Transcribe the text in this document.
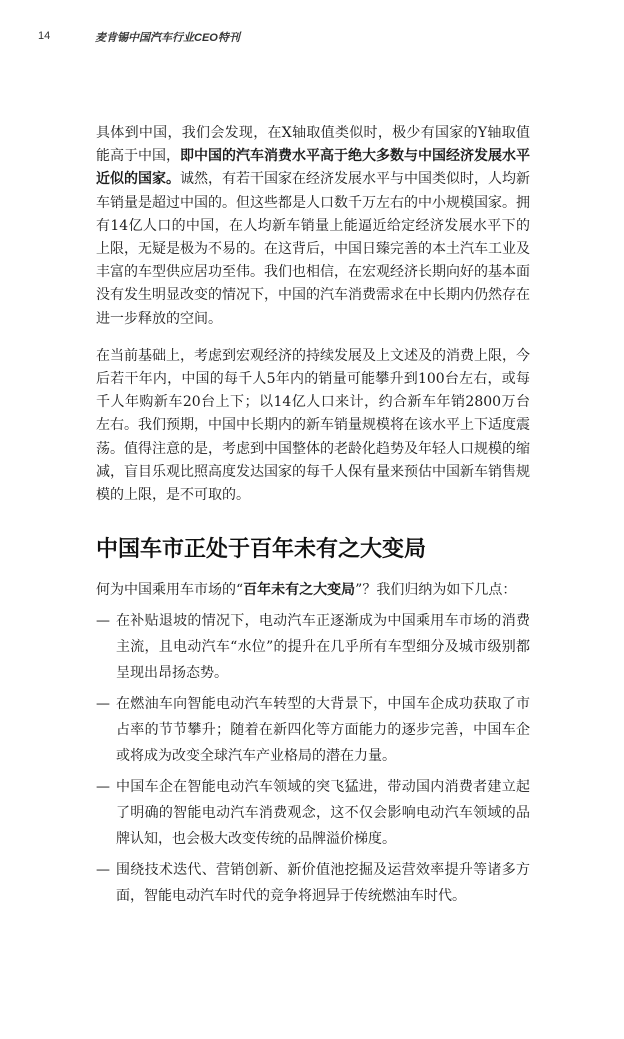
14	麦肯锡中国汽车行业CEO特刊

具体到中国，我们会发现，在X轴取值类似时，极少有国家的Y轴取值能高于中国，即中国的汽车消费水平高于绝大多数与中国经济发展水平近似的国家。诚然，有若干国家在经济发展水平与中国类似时，人均新车销量是超过中国的。但这些都是人口数千万左右的中小规模国家。拥有14亿人口的中国，在人均新车销量上能逼近给定经济发展水平下的上限，无疑是极为不易的。在这背后，中国日臻完善的本土汽车工业及丰富的车型供应居功至伟。我们也相信，在宏观经济长期向好的基本面没有发生明显改变的情况下，中国的汽车消费需求在中长期内仍然存在进一步释放的空间。

在当前基础上，考虑到宏观经济的持续发展及上文述及的消费上限，今后若干年内，中国的每千人5年内的销量可能攀升到100台左右，或每千人年购新车20台上下；以14亿人口来计，约合新车年销2800万台左右。我们预期，中国中长期内的新车销量规模将在该水平上下适度震荡。值得注意的是，考虑到中国整体的老龄化趋势及年轻人口规模的缩减，盲目乐观比照高度发达国家的每千人保有量来预估中国新车销售规模的上限，是不可取的。

中国车市正处于百年未有之大变局

何为中国乘用车市场的“百年未有之大变局”？我们归纳为如下几点：

— 在补贴退坡的情况下，电动汽车正逐渐成为中国乘用车市场的消费主流，且电动汽车“水位”的提升在几乎所有车型细分及城市级别都呈现出昂扬态势。
— 在燃油车向智能电动汽车转型的大背景下，中国车企成功获取了市占率的节节攀升；随着在新四化等方面能力的逐步完善，中国车企或将成为改变全球汽车产业格局的潜在力量。
— 中国车企在智能电动汽车领域的突飞猛进，带动国内消费者建立起了明确的智能电动汽车消费观念，这不仅会影响电动汽车领域的品牌认知，也会极大改变传统的品牌溢价梯度。
— 围绕技术迭代、营销创新、新价值池挖掘及运营效率提升等诸多方面，智能电动汽车时代的竞争将迥异于传统燃油车时代。
